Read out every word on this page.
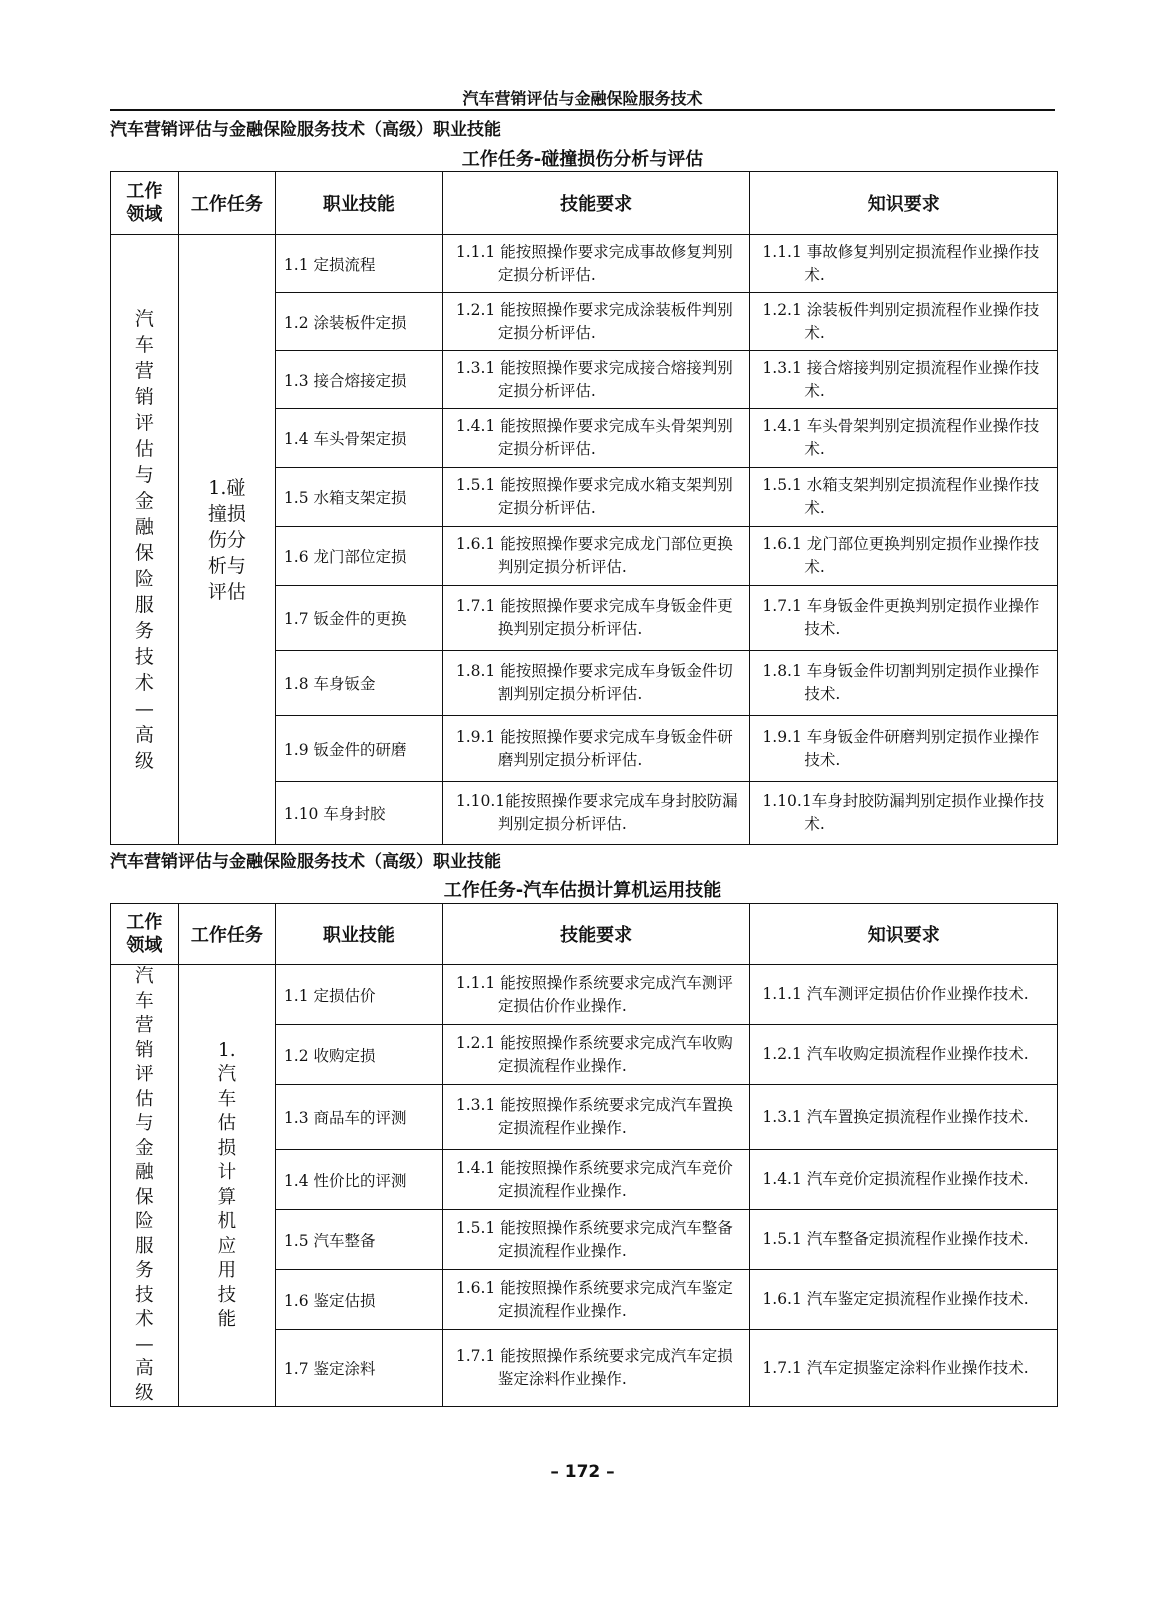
汽车营销评估与金融保险服务技术
汽车营销评估与金融保险服务技术（高级）职业技能
工作任务-碰撞损伤分析与评估
工作领域	工作任务	职业技能	技能要求	知识要求
汽车营销评估与金融保险服务技术—高级	1.碰撞损伤分析与评估	1.1 定损流程	1.1.1 能按照操作要求完成事故修复判别定损分析评估.	1.1.1 事故修复判别定损流程作业操作技术.

		1.2 涂装板件定损	1.2.1 能按照操作要求完成涂装板件判别定损分析评估.	1.2.1 涂装板件判别定损流程作业操作技术.

		1.3 接合熔接定损	1.3.1 能按照操作要求完成接合熔接判别定损分析评估.	1.3.1 接合熔接判别定损流程作业操作技术.

		1.4 车头骨架定损	1.4.1 能按照操作要求完成车头骨架判别定损分析评估.	1.4.1 车头骨架判别定损流程作业操作技术.

		1.5 水箱支架定损	1.5.1 能按照操作要求完成水箱支架判别定损分析评估.	1.5.1 水箱支架判别定损流程作业操作技术.

		1.6 龙门部位定损	1.6.1 能按照操作要求完成龙门部位更换判别定损分析评估.	1.6.1 龙门部位更换判别定损作业操作技术.

		1.7 钣金件的更换	1.7.1 能按照操作要求完成车身钣金件更换判别定损分析评估.	1.7.1 车身钣金件更换判别定损作业操作技术.

		1.8 车身钣金	1.8.1 能按照操作要求完成车身钣金件切割判别定损分析评估.	1.8.1 车身钣金件切割判别定损作业操作技术.

		1.9 钣金件的研磨	1.9.1 能按照操作要求完成车身钣金件研磨判别定损分析评估.	1.9.1 车身钣金件研磨判别定损作业操作技术.

		1.10 车身封胶	1.10.1能按照操作要求完成车身封胶防漏判别定损分析评估.	1.10.1车身封胶防漏判别定损作业操作技术.
汽车营销评估与金融保险服务技术（高级）职业技能
工作任务-汽车估损计算机运用技能
工作领域	工作任务	职业技能	技能要求	知识要求
汽车营销评估与金融保险服务技术—高级	1.汽车估损计算机应用技能	1.1 定损估价	1.1.1 能按照操作系统要求完成汽车测评定损估价作业操作.	1.1.1 汽车测评定损估价作业操作技术.

		1.2 收购定损	1.2.1 能按照操作系统要求完成汽车收购定损流程作业操作.	1.2.1 汽车收购定损流程作业操作技术.

		1.3 商品车的评测	1.3.1 能按照操作系统要求完成汽车置换定损流程作业操作.	1.3.1 汽车置换定损流程作业操作技术.

		1.4 性价比的评测	1.4.1 能按照操作系统要求完成汽车竞价定损流程作业操作.	1.4.1 汽车竞价定损流程作业操作技术.

		1.5 汽车整备	1.5.1 能按照操作系统要求完成汽车整备定损流程作业操作.	1.5.1 汽车整备定损流程作业操作技术.

		1.6 鉴定估损	1.6.1 能按照操作系统要求完成汽车鉴定定损流程作业操作.	1.6.1 汽车鉴定定损流程作业操作技术.

		1.7 鉴定涂料	1.7.1 能按照操作系统要求完成汽车定损鉴定涂料作业操作.	1.7.1 汽车定损鉴定涂料作业操作技术.
– 172 –
